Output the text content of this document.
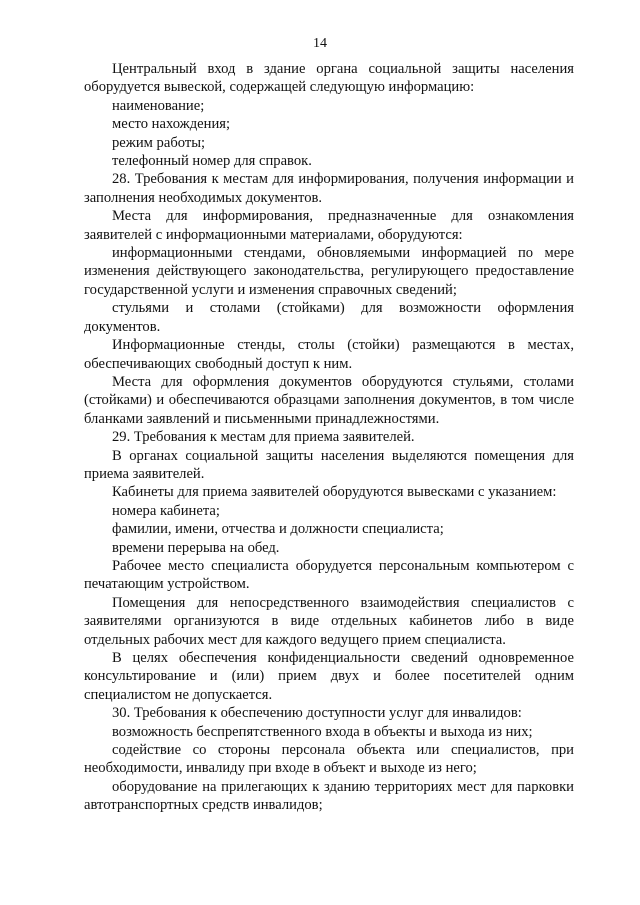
14

Центральный вход в здание органа социальной защиты населения оборудуется вывеской, содержащей следующую информацию:

наименование;

место нахождения;

режим работы;

телефонный номер для справок.

28. Требования к местам для информирования, получения информации и заполнения необходимых документов.

Места для информирования, предназначенные для ознакомления заявителей с информационными материалами, оборудуются:

информационными стендами, обновляемыми информацией по мере изменения действующего законодательства, регулирующего предоставление государственной услуги и изменения справочных сведений;

стульями и столами (стойками) для возможности оформления документов.

Информационные стенды, столы (стойки) размещаются в местах, обеспечивающих свободный доступ к ним.

Места для оформления документов оборудуются стульями, столами (стойками) и обеспечиваются образцами заполнения документов, в том числе бланками заявлений и письменными принадлежностями.

29. Требования к местам для приема заявителей.

В органах социальной защиты населения выделяются помещения для приема заявителей.

Кабинеты для приема заявителей оборудуются вывесками с указанием:

номера кабинета;

фамилии, имени, отчества и должности специалиста;

времени перерыва на обед.

Рабочее место специалиста оборудуется персональным компьютером с печатающим устройством.

Помещения для непосредственного взаимодействия специалистов с заявителями организуются в виде отдельных кабинетов либо в виде отдельных рабочих мест для каждого ведущего прием специалиста.

В целях обеспечения конфиденциальности сведений одновременное консультирование и (или) прием двух и более посетителей одним специалистом не допускается.

30. Требования к обеспечению доступности услуг для инвалидов:

возможность беспрепятственного входа в объекты и выхода из них;

содействие со стороны персонала объекта или специалистов, при необходимости, инвалиду при входе в объект и выходе из него;

оборудование на прилегающих к зданию территориях мест для парковки автотранспортных средств инвалидов;
